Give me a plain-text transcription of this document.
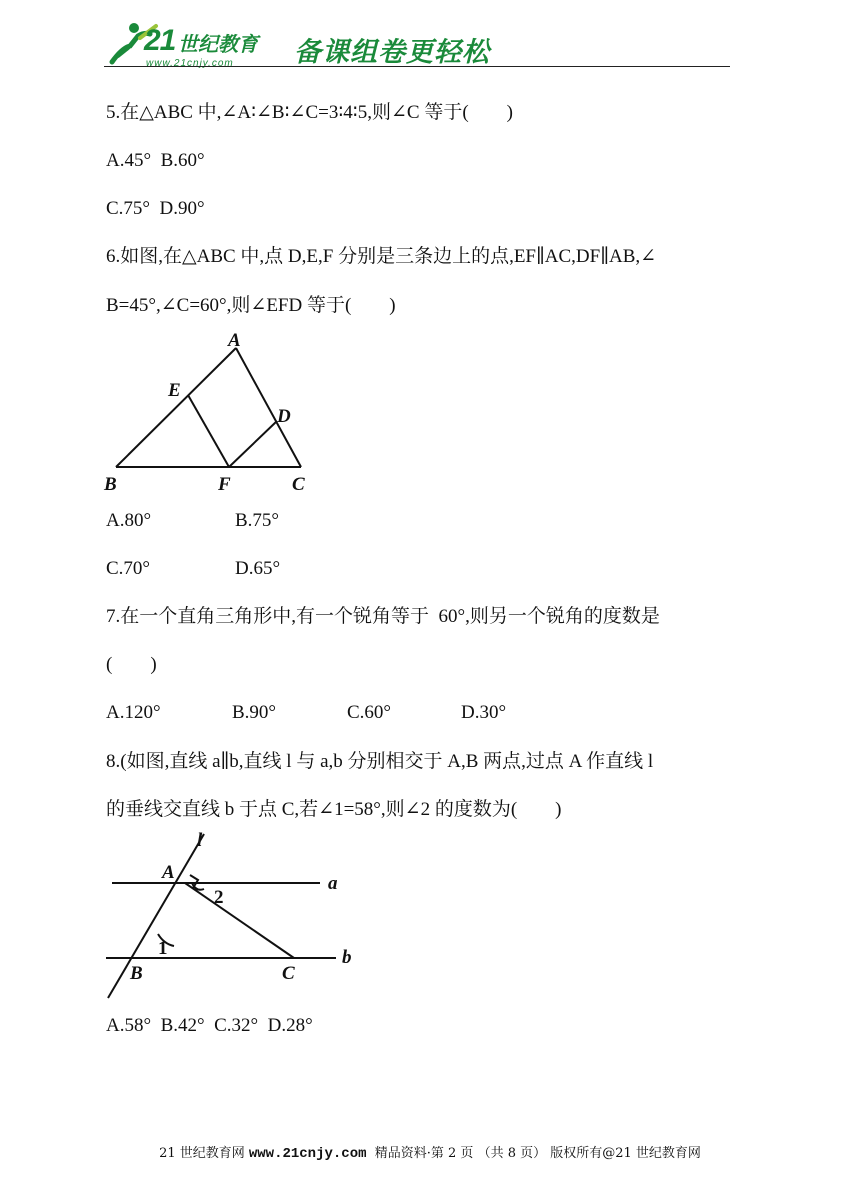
21 世纪教育
www.21cnjy.com 备课组卷更轻松
5.在△ABC 中,∠A∶∠B∶∠C=3∶4∶5,则∠C 等于(　　)
A.45°  B.60°
C.75°  D.90°
6.如图,在△ABC 中,点 D,E,F 分别是三条边上的点,EF∥AC,DF∥AB,∠
B=45°,∠C=60°,则∠EFD 等于(　　)
A
E
D
B	F	C
A.80°	B.75°
C.70°	D.65°
7.在一个直角三角形中,有一个锐角等于  60°,则另一个锐角的度数是
(　　)
A.120°	B.90°	C.60°	D.30°
8.(如图,直线 a∥b,直线 l 与 a,b 分别相交于 A,B 两点,过点 A 作直线 l
的垂线交直线 b 于点 C,若∠1=58°,则∠2 的度数为(　　)
l
A
a
2
1	b
B	C
A.58°  B.42°  C.32°  D.28°
21 世纪教育网 www.21cnjy.com  精品资料·第 2 页 （共 8 页） 版权所有@21 世纪教育网
